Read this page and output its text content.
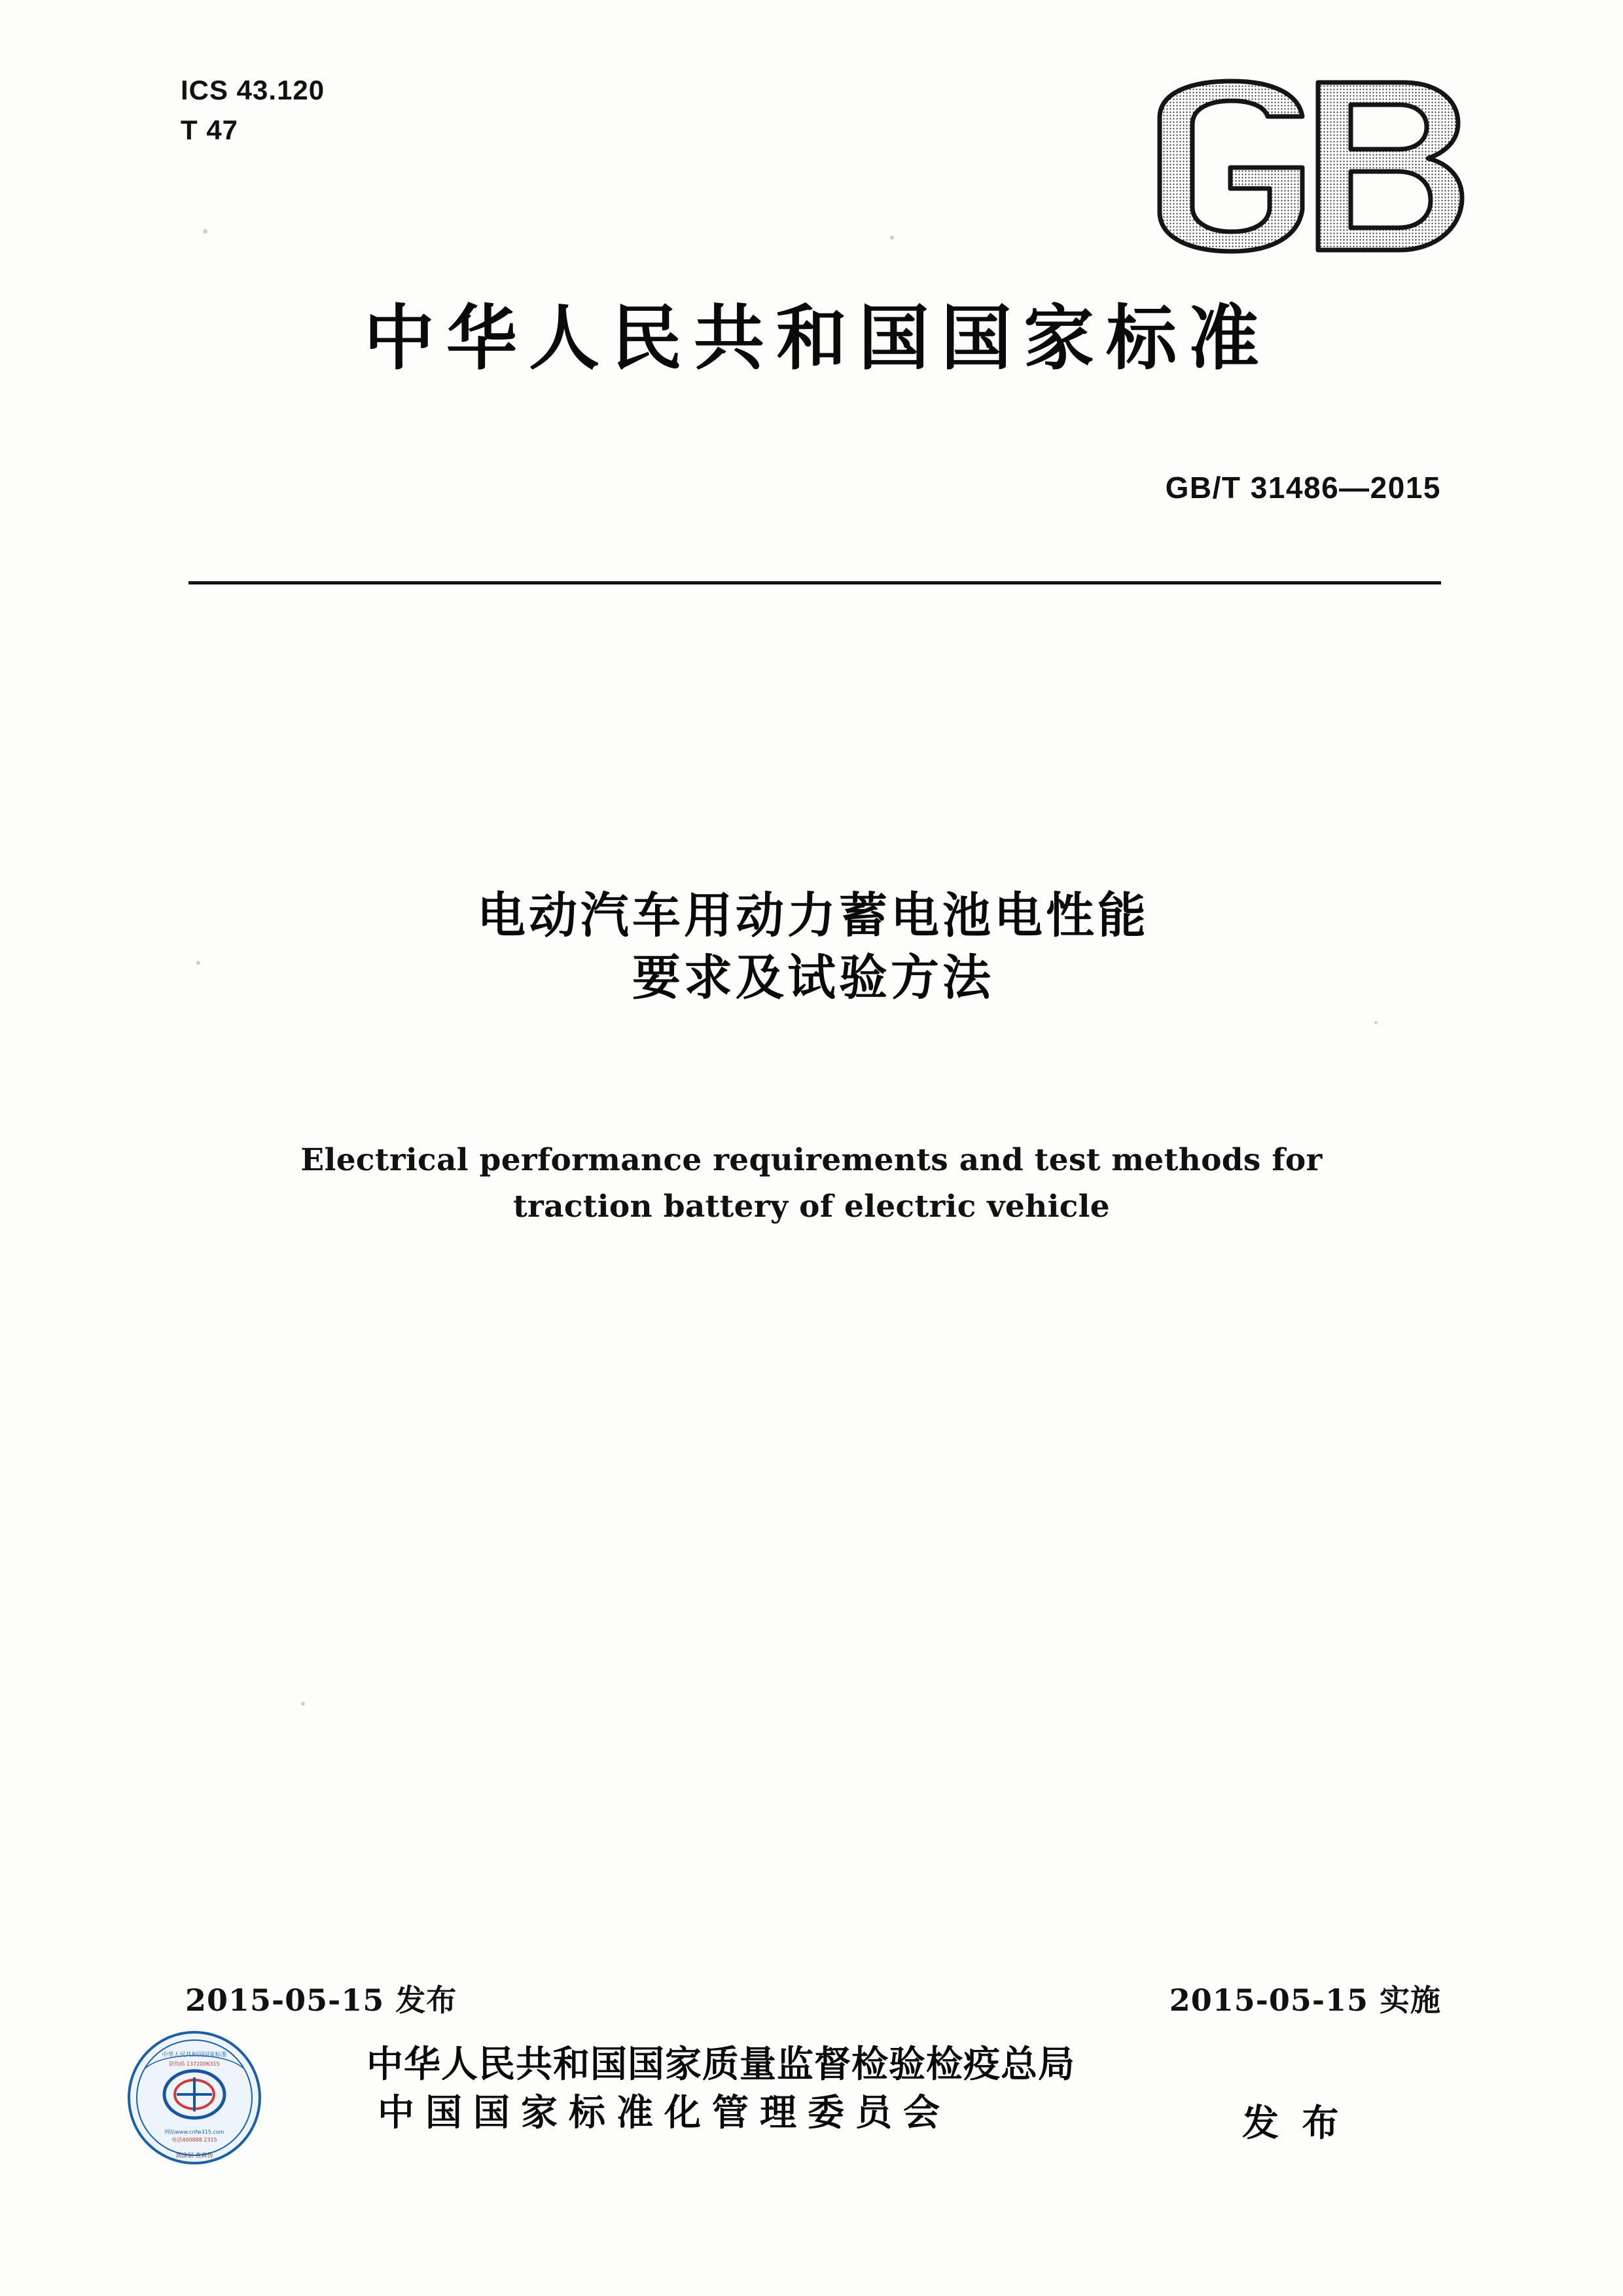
ICS 43.120
T 47
中华人民共和国国家标准
GB/T 31486—2015
电动汽车用动力蓄电池电性能
要求及试验方法
Electrical performance requirements and test methods for
traction battery of electric vehicle
2015-05-15 发布	2015-05-15 实施
中华人民共和国国家标准
防伪码 1372006315
网站www.cnfw315.com
电话400888 2315
刮涂层 查真伪
中华人民共和国国家质量监督检验检疫总局
中国国家标准化管理委员会	发 布
